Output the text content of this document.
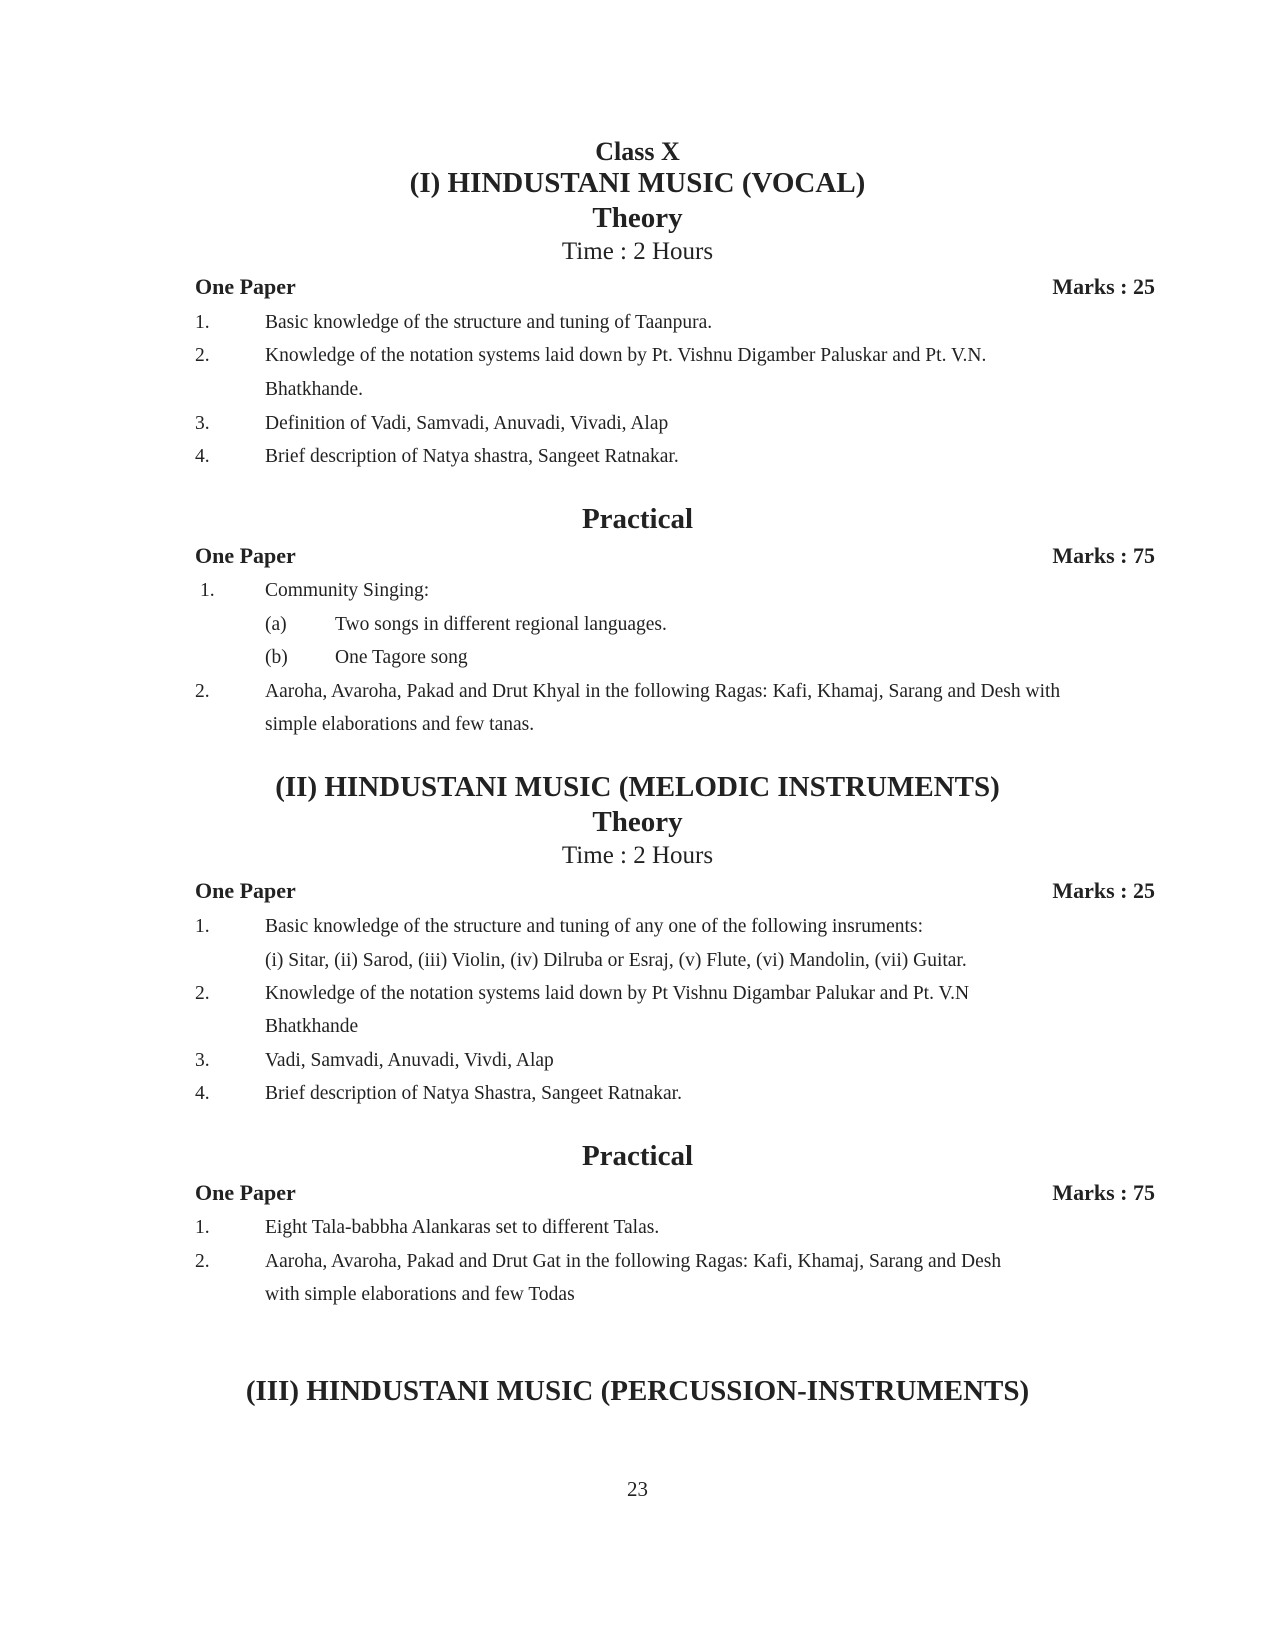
Class X
(I) HINDUSTANI MUSIC (VOCAL)
Theory
Time : 2 Hours
One Paper	Marks : 25
1.	Basic knowledge of the structure and tuning of Taanpura.
2.	Knowledge of the notation systems laid down by Pt. Vishnu Digamber Paluskar and Pt. V.N.
Bhatkhande.
3.	Definition of Vadi, Samvadi, Anuvadi, Vivadi, Alap
4.	Brief description of Natya shastra, Sangeet Ratnakar.
Practical
One Paper	Marks : 75
1.	Community Singing:
(a) Two songs in different regional languages.
(b) One Tagore song
2.	Aaroha, Avaroha, Pakad and Drut Khyal in the following Ragas: Kafi, Khamaj, Sarang and Desh with
simple elaborations and few tanas.
(II) HINDUSTANI MUSIC (MELODIC INSTRUMENTS)
Theory
Time : 2 Hours
One Paper	Marks : 25
1.	Basic knowledge of the structure and tuning of any one of the following insruments:
(i) Sitar, (ii) Sarod, (iii) Violin, (iv) Dilruba or Esraj, (v) Flute, (vi) Mandolin, (vii) Guitar.
2.	Knowledge of the notation systems laid down by Pt Vishnu Digambar Palukar and Pt. V.N
Bhatkhande
3.	Vadi, Samvadi, Anuvadi, Vivdi, Alap
4.	Brief description of Natya Shastra, Sangeet Ratnakar.
Practical
One Paper	Marks : 75
1.	Eight Tala-babbha Alankaras set to different Talas.
2.	Aaroha, Avaroha, Pakad and Drut Gat in the following Ragas: Kafi, Khamaj, Sarang and Desh
with simple elaborations and few Todas
(III) HINDUSTANI MUSIC (PERCUSSION-INSTRUMENTS)
23
